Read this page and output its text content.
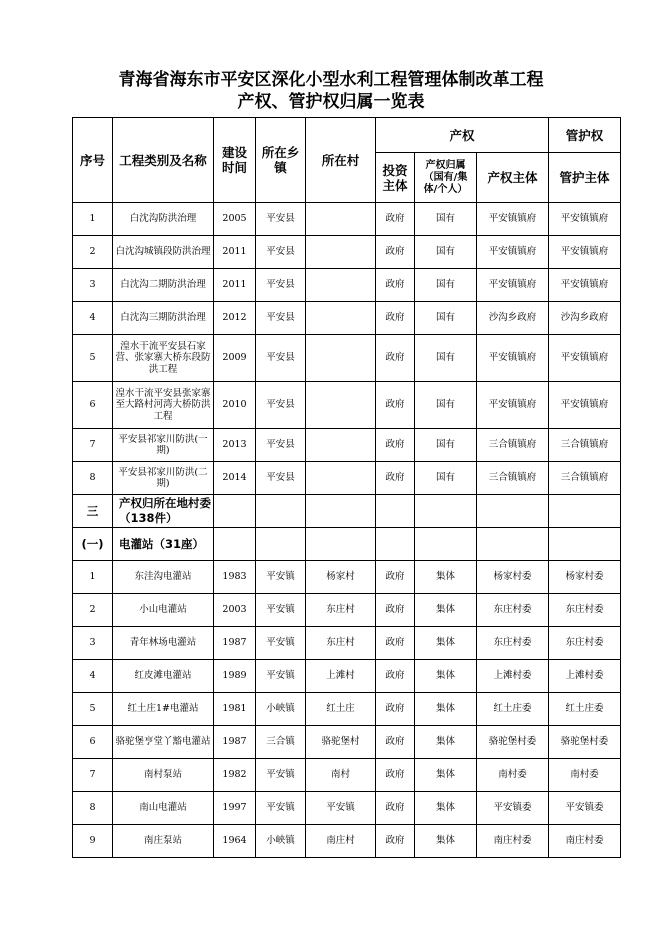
青海省海东市平安区深化小型水利工程管理体制改革工程
产权、管护权归属一览表
序号	工程类别及名称	建设时间	所在乡镇	所在村	产权			管护权
					投资主体	产权归属（国有/集体/个人）	产权主体	管护主体
1	白沈沟防洪治理	2005	平安县		政府	国有	平安镇镇府	平安镇镇府
2	白沈沟城镇段防洪治理	2011	平安县		政府	国有	平安镇镇府	平安镇镇府
3	白沈沟二期防洪治理	2011	平安县		政府	国有	平安镇镇府	平安镇镇府
4	白沈沟三期防洪治理	2012	平安县		政府	国有	沙沟乡政府	沙沟乡政府
5	湟水干流平安县石家营、张家寨大桥东段防洪工程	2009	平安县		政府	国有	平安镇镇府	平安镇镇府
6	湟水干流平安县张家寨至大路村河湾大桥防洪工程	2010	平安县		政府	国有	平安镇镇府	平安镇镇府
7	平安县祁家川防洪(一期)	2013	平安县		政府	国有	三合镇镇府	三合镇镇府
8	平安县祁家川防洪(二期)	2014	平安县		政府	国有	三合镇镇府	三合镇镇府
三	产权归所在地村委（138件）							
(一)	电灌站（31座）							
1	东洼沟电灌站	1983	平安镇	杨家村	政府	集体	杨家村委	杨家村委
2	小山电灌站	2003	平安镇	东庄村	政府	集体	东庄村委	东庄村委
3	青年林场电灌站	1987	平安镇	东庄村	政府	集体	东庄村委	东庄村委
4	红皮滩电灌站	1989	平安镇	上滩村	政府	集体	上滩村委	上滩村委
5	红土庄1#电灌站	1981	小峡镇	红土庄	政府	集体	红土庄委	红土庄委
6	骆驼堡亨堂丫豁电灌站	1987	三合镇	骆驼堡村	政府	集体	骆驼堡村委	骆驼堡村委
7	南村泵站	1982	平安镇	南村	政府	集体	南村委	南村委
8	南山电灌站	1997	平安镇	平安镇	政府	集体	平安镇委	平安镇委
9	南庄泵站	1964	小峡镇	南庄村	政府	集体	南庄村委	南庄村委
